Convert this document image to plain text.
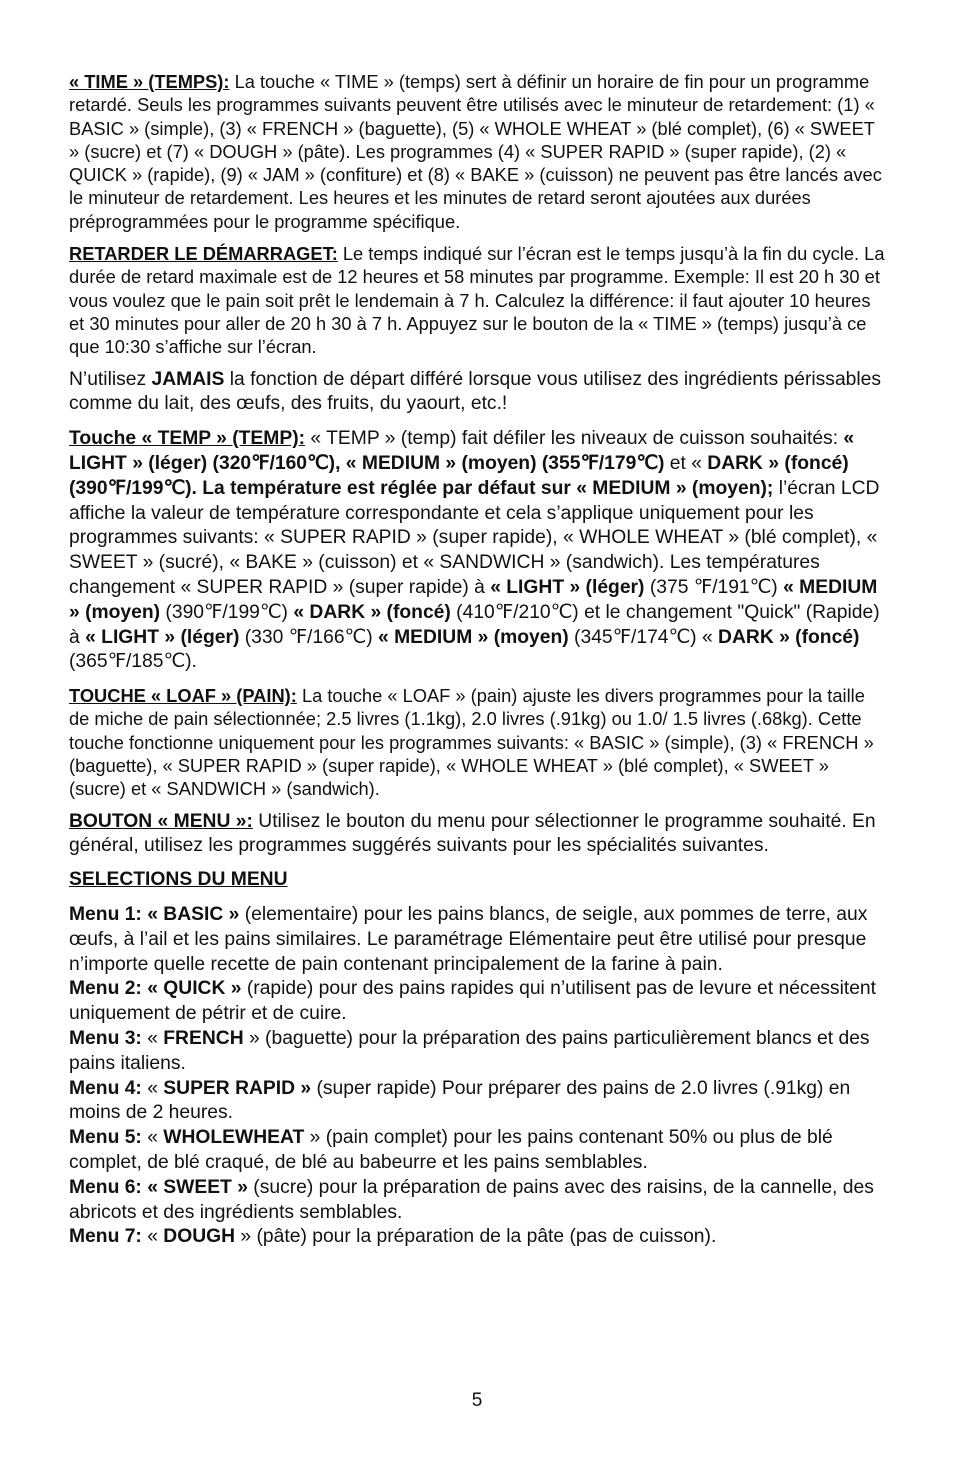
« TIME » (TEMPS): La touche « TIME » (temps) sert à définir un horaire de fin pour un programme retardé. Seuls les programmes suivants peuvent être utilisés avec le minuteur de retardement: (1) « BASIC » (simple), (3) « FRENCH » (baguette), (5) « WHOLE WHEAT » (blé complet), (6) « SWEET » (sucre) et (7) « DOUGH » (pâte). Les programmes (4) « SUPER RAPID » (super rapide), (2) « QUICK » (rapide), (9) « JAM » (confiture) et (8) « BAKE » (cuisson) ne peuvent pas être lancés avec le minuteur de retardement. Les heures et les minutes de retard seront ajoutées aux durées préprogrammées pour le programme spécifique.

RETARDER LE DÉMARRAGET: Le temps indiqué sur l’écran est le temps jusqu’à la fin du cycle. La durée de retard maximale est de 12 heures et 58 minutes par programme. Exemple: Il est 20 h 30 et vous voulez que le pain soit prêt le lendemain à 7 h. Calculez la différence: il faut ajouter 10 heures et 30 minutes pour aller de 20 h 30 à 7 h. Appuyez sur le bouton de la « TIME » (temps) jusqu’à ce que 10:30 s’affiche sur l’écran.

N’utilisez JAMAIS la fonction de départ différé lorsque vous utilisez des ingrédients périssables comme du lait, des œufs, des fruits, du yaourt, etc.!

Touche « TEMP » (TEMP): « TEMP » (temp) fait défiler les niveaux de cuisson souhaités: « LIGHT » (léger) (320℉/160℃), « MEDIUM » (moyen) (355℉/179℃) et « DARK » (foncé) (390℉/199℃). La température est réglée par défaut sur « MEDIUM » (moyen); l’écran LCD affiche la valeur de température correspondante et cela s’applique uniquement pour les programmes suivants: « SUPER RAPID » (super rapide), « WHOLE WHEAT » (blé complet), « SWEET » (sucré), « BAKE » (cuisson) et « SANDWICH » (sandwich). Les températures changement « SUPER RAPID » (super rapide) à « LIGHT » (léger) (375 ℉/191℃) « MEDIUM » (moyen) (390℉/199℃) « DARK » (foncé) (410℉/210℃) et le changement "Quick" (Rapide) à « LIGHT » (léger) (330 ℉/166℃) « MEDIUM » (moyen) (345℉/174℃) « DARK » (foncé) (365℉/185℃).

TOUCHE « LOAF » (PAIN): La touche « LOAF » (pain) ajuste les divers programmes pour la taille de miche de pain sélectionnée; 2.5 livres (1.1kg), 2.0 livres (.91kg) ou 1.0/ 1.5 livres (.68kg). Cette touche fonctionne uniquement pour les programmes suivants: « BASIC » (simple), (3) « FRENCH » (baguette), « SUPER RAPID » (super rapide), « WHOLE WHEAT » (blé complet), « SWEET » (sucre) et « SANDWICH » (sandwich).

BOUTON « MENU »: Utilisez le bouton du menu pour sélectionner le programme souhaité. En général, utilisez les programmes suggérés suivants pour les spécialités suivantes.

SELECTIONS DU MENU

Menu 1: « BASIC » (elementaire) pour les pains blancs, de seigle, aux pommes de terre, aux œufs, à l’ail et les pains similaires. Le paramétrage Elémentaire peut être utilisé pour presque n’importe quelle recette de pain contenant principalement de la farine à pain.

Menu 2: « QUICK » (rapide) pour des pains rapides qui n’utilisent pas de levure et nécessitent uniquement de pétrir et de cuire.

Menu 3: « FRENCH » (baguette) pour la préparation des pains particulièrement blancs et des pains italiens.

Menu 4: « SUPER RAPID » (super rapide) Pour préparer des pains de 2.0 livres (.91kg) en moins de 2 heures.

Menu 5: « WHOLEWHEAT » (pain complet) pour les pains contenant 50% ou plus de blé complet, de blé craqué, de blé au babeurre et les pains semblables.

Menu 6: « SWEET » (sucre) pour la préparation de pains avec des raisins, de la cannelle, des abricots et des ingrédients semblables.

Menu 7: « DOUGH » (pâte) pour la préparation de la pâte (pas de cuisson).

5
